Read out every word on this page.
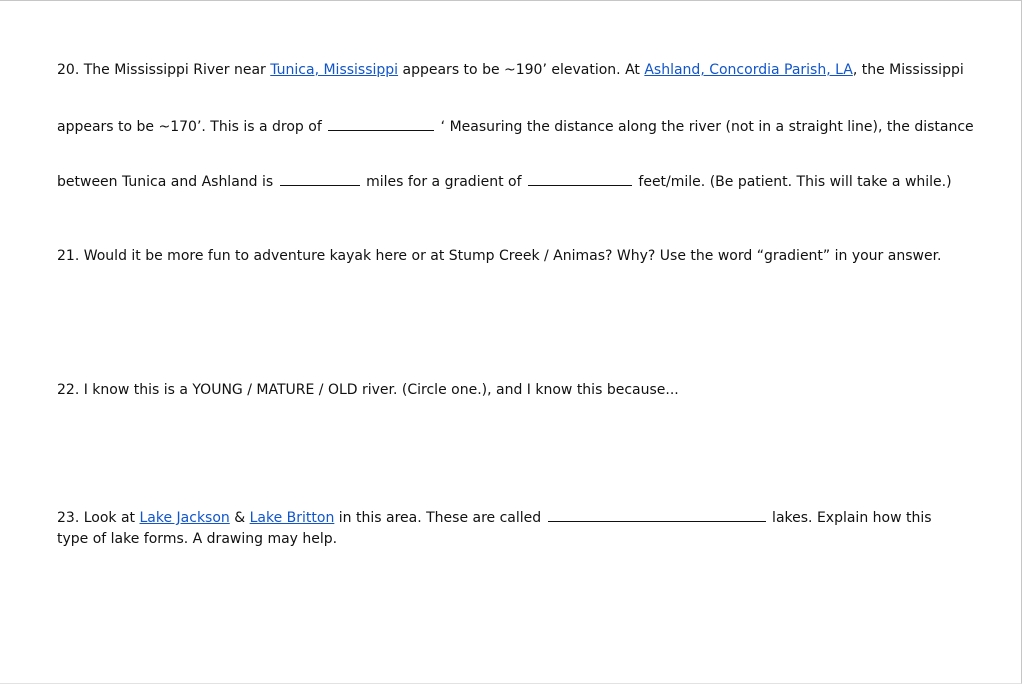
20. The Mississippi River near Tunica, Mississippi appears to be ~190’ elevation. At Ashland, Concordia Parish, LA, the Mississippi
appears to be ~170’. This is a drop of	‘ Measuring the distance along the river (not in a straight line), the distance
between Tunica and Ashland is	miles for a gradient of	feet/mile. (Be patient. This will take a while.)
21. Would it be more fun to adventure kayak here or at Stump Creek / Animas? Why? Use the word “gradient” in your answer.
22. I know this is a YOUNG / MATURE / OLD river. (Circle one.), and I know this because...
23. Look at Lake Jackson & Lake Britton in this area. These are called	lakes. Explain how this type of lake forms. A drawing may help.
